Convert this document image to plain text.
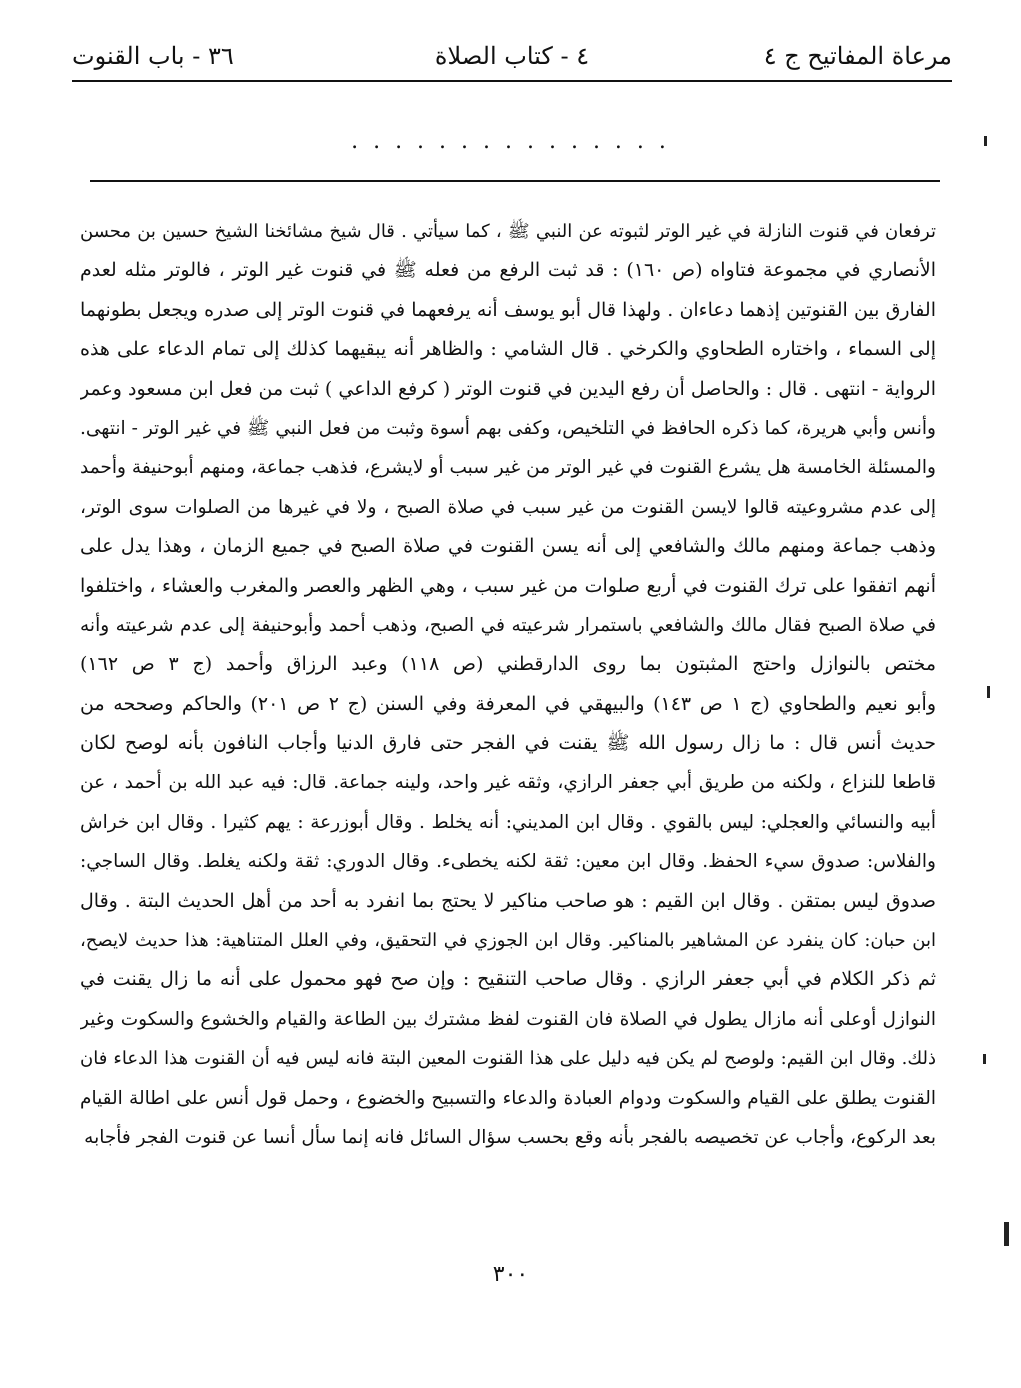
مرعاة المفاتيح ج ٤
٤ - كتاب الصلاة
٣٦ - باب القنوت
. . . . . . . . . . . . . . .
ترفعان في قنوت النازلة في غير الوتر لثبوته عن النبي ﷺ ، كما سيأتي . قال شيخ مشائخنا الشيخ حسين بن محسن
الأنصاري في مجموعة فتاواه (ص ١٦٠) : قد ثبت الرفع من فعله ﷺ في قنوت غير الوتر ، فالوتر مثله لعدم
الفارق بين القنوتين إذهما دعاءان . ولهذا قال أبو يوسف أنه يرفعهما في قنوت الوتر إلى صدره ويجعل بطونهما
إلى السماء ، واختاره الطحاوي والكرخي . قال الشامي : والظاهر أنه يبقيهما كذلك إلى تمام الدعاء على هذه
الرواية - انتهى . قال : والحاصل أن رفع اليدين في قنوت الوتر ( كرفع الداعي ) ثبت من فعل ابن مسعود وعمر
وأنس وأبي هريرة، كما ذكره الحافظ في التلخيص، وكفى بهم أسوة وثبت من فعل النبي ﷺ في غير الوتر - انتهى.
والمسئلة الخامسة هل يشرع القنوت في غير الوتر من غير سبب أو لايشرع، فذهب جماعة، ومنهم أبوحنيفة وأحمد
إلى عدم مشروعيته قالوا لايسن القنوت من غير سبب في صلاة الصبح ، ولا في غيرها من الصلوات سوى الوتر،
وذهب جماعة ومنهم مالك والشافعي إلى أنه يسن القنوت في صلاة الصبح في جميع الزمان ، وهذا يدل على
أنهم اتفقوا على ترك القنوت في أربع صلوات من غير سبب ، وهي الظهر والعصر والمغرب والعشاء ، واختلفوا
في صلاة الصبح فقال مالك والشافعي باستمرار شرعيته في الصبح، وذهب أحمد وأبوحنيفة إلى عدم شرعيته وأنه
مختص بالنوازل واحتج المثبتون بما روى الدارقطني (ص ١١٨) وعبد الرزاق وأحمد (ج ٣ ص ١٦٢)
وأبو نعيم والطحاوي (ج ١ ص ١٤٣) والبيهقي في المعرفة وفي السنن (ج ٢ ص ٢٠١) والحاكم وصححه من
حديث أنس قال : ما زال رسول الله ﷺ يقنت في الفجر حتى فارق الدنيا وأجاب النافون بأنه لوصح لكان
قاطعا للنزاع ، ولكنه من طريق أبي جعفر الرازي، وثقه غير واحد، ولينه جماعة. قال: فيه عبد الله بن أحمد ، عن
أبيه والنسائي والعجلي: ليس بالقوي . وقال ابن المديني: أنه يخلط . وقال أبوزرعة : يهم كثيرا . وقال ابن خراش
والفلاس: صدوق سيء الحفظ. وقال ابن معين: ثقة لكنه يخطىء. وقال الدوري: ثقة ولكنه يغلط. وقال الساجي:
صدوق ليس بمتقن . وقال ابن القيم : هو صاحب مناكير لا يحتج بما انفرد به أحد من أهل الحديث البتة . وقال
ابن حبان: كان ينفرد عن المشاهير بالمناكير. وقال ابن الجوزي في التحقيق، وفي العلل المتناهية: هذا حديث لايصح،
ثم ذكر الكلام في أبي جعفر الرازي . وقال صاحب التنقيح : وإن صح فهو محمول على أنه ما زال يقنت في
النوازل أوعلى أنه مازال يطول في الصلاة فان القنوت لفظ مشترك بين الطاعة والقيام والخشوع والسكوت وغير
ذلك. وقال ابن القيم: ولوصح لم يكن فيه دليل على هذا القنوت المعين البتة فانه ليس فيه أن القنوت هذا الدعاء فان
القنوت يطلق على القيام والسكوت ودوام العبادة والدعاء والتسبيح والخضوع ، وحمل قول أنس على اطالة القيام
بعد الركوع، وأجاب عن تخصيصه بالفجر بأنه وقع بحسب سؤال السائل فانه إنما سأل أنسا عن قنوت الفجر فأجابه
٣٠٠
